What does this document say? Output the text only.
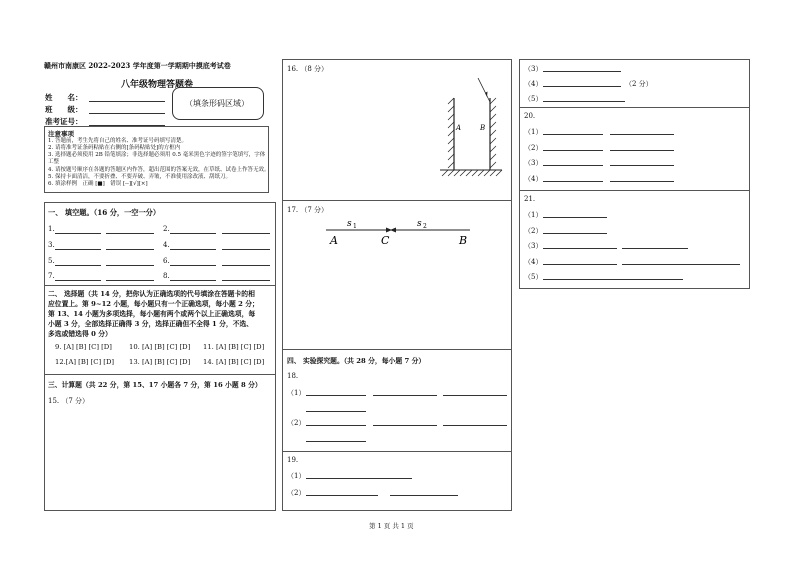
赣州市南康区 2022-2023 学年度第一学期期中摸底考试卷
八年级物理答题卷
姓　　名：
班　　级：
准考证号：
（填条形码区域）
注意事项
1. 答题前，考生先将自己的姓名、准考证号码填写清楚。
2. 请将准考证条码粘贴在右侧的[条码粘贴处]的方框内
3. 选择题必须使用 2B 铅笔填涂；非选择题必须用 0.5 毫米黑色字迹的签字笔填写，字体工整
4. 请按题号顺序在各题的答题区内作答，超出范围的答案无效，在草纸、试卷上作答无效。
5. 保持卡面清洁，不要折叠、不要弄破、弄皱，不准使用涂改液、刮纸刀。
6. 填涂样例　正确 [■]　错误 [--][√][×]
一、 填空题。（16 分，一空一分）
1.	2.
3.	4.
5.	6.
7.	8.
二、 选择题（共 14 分，把你认为正确选项的代号填涂在答题卡的相
应位置上。第 9~12 小题，每小题只有一个正确选项，每小题 2 分；
第 13、14 小题为多项选择，每小题有两个或两个以上正确选项，每
小题 3 分，全部选择正确得 3 分，选择正确但不全得 1 分，不选、
多选或错选得 0 分）
9. [A] [B] [C] [D]	10. [A] [B] [C] [D] 11. [A] [B] [C] [D]
12.[A] [B] [C] [D] 13. [A] [B] [C] [D] 14. [A] [B] [C] [D]
三、计算题（共 22 分，第 15、17 小题各 7 分，第 16 小题 8 分）
15. （7 分）
16. （8 分）
A	B
17. （7 分）
s 1	s 2
A	C	B
四、 实验探究题。（共 28 分，每小题 7 分）
18.
（1）
（2）
19.
（1）
（2）
（3）
（4）	（2 分）
（5）
20.
（1）
（2）
（3）
（4）
21.
（1）
（2）
（3）
（4）
（5）
第 1 页 共 1 页
